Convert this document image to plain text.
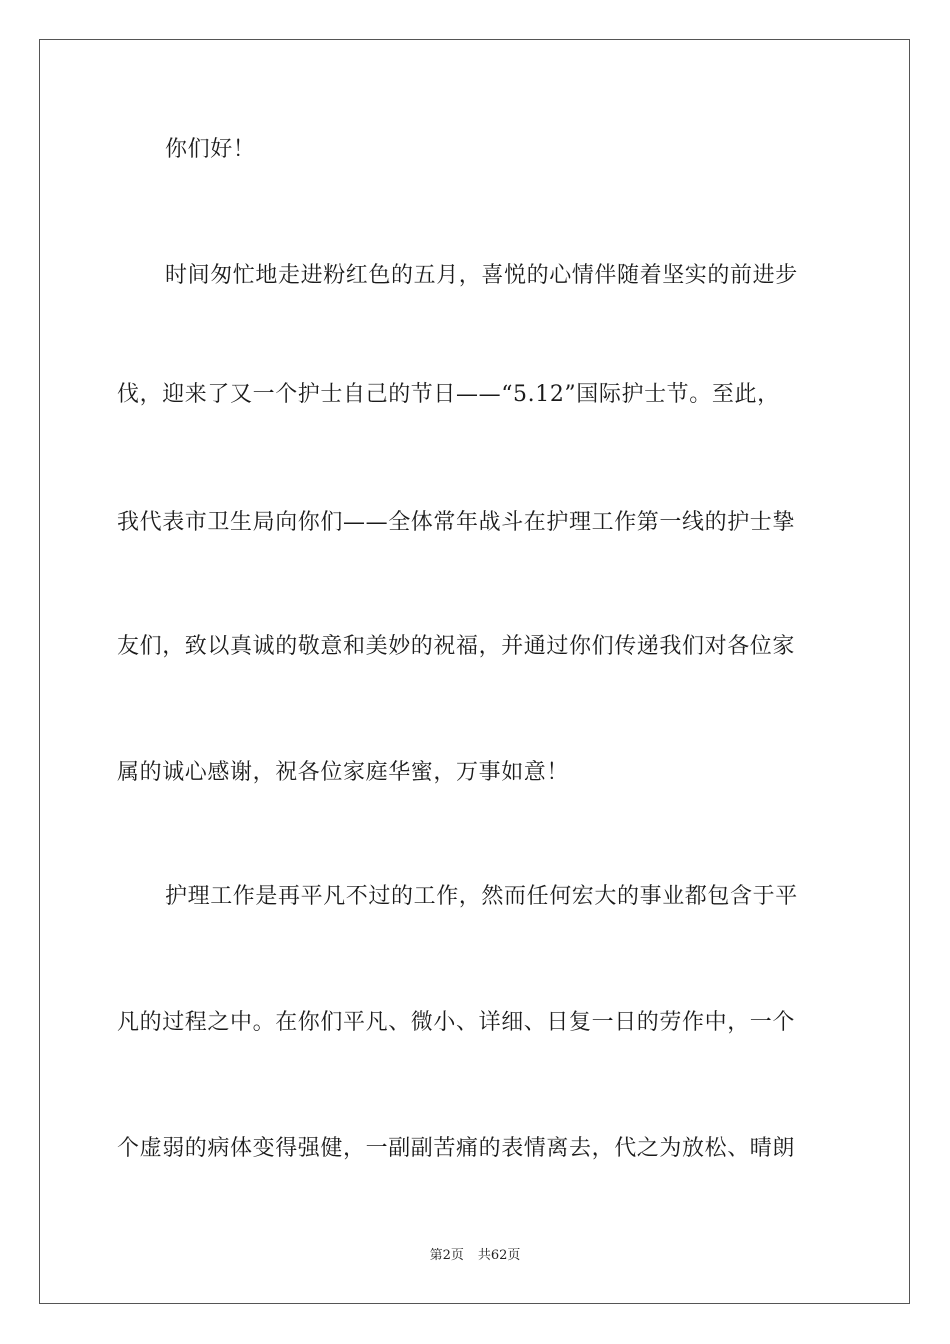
你们好！
时间匆忙地走进粉红色的五月，喜悦的心情伴随着坚实的前进步
伐，迎来了又一个护士自己的节日——“5.12”国际护士节。至此，
我代表市卫生局向你们——全体常年战斗在护理工作第一线的护士挚
友们，致以真诚的敬意和美妙的祝福，并通过你们传递我们对各位家
属的诚心感谢，祝各位家庭华蜜，万事如意！
护理工作是再平凡不过的工作，然而任何宏大的事业都包含于平
凡的过程之中。在你们平凡、微小、详细、日复一日的劳作中，一个
个虚弱的病体变得强健，一副副苦痛的表情离去，代之为放松、晴朗
第2页 共62页
